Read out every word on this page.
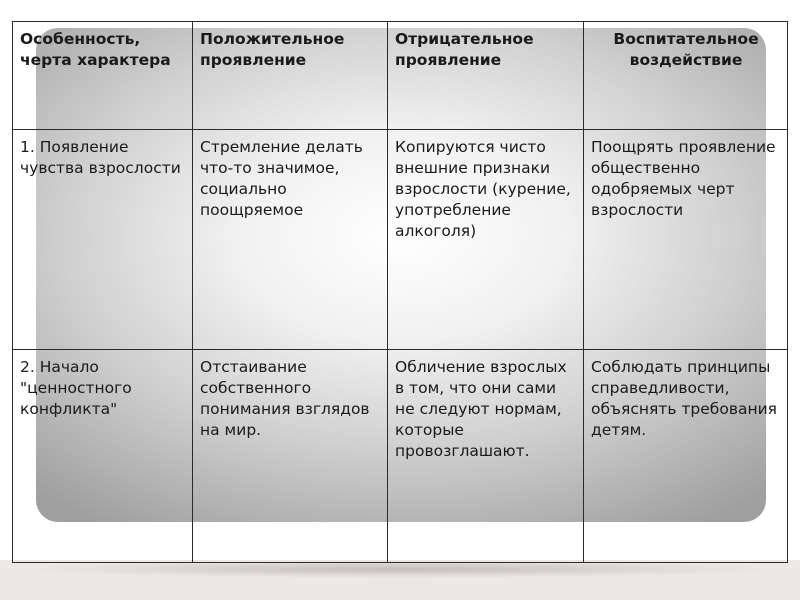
Особенность, черта характера	Положительное проявление	Отрицательное проявление	Воспитательное воздействие
1. Появление чувства взрослости	Стремление делать что-то значимое, социально поощряемое	Копируются чисто внешние признаки взрослости (курение, употребление алкоголя)	Поощрять проявление общественно одобряемых черт взрослости
2. Начало "ценностного конфликта"	Отстаивание собственного понимания взглядов на мир.	Обличение взрослых в том, что они сами не следуют нормам, которые провозглашают.	Соблюдать принципы справедливости, объяснять требования детям.
